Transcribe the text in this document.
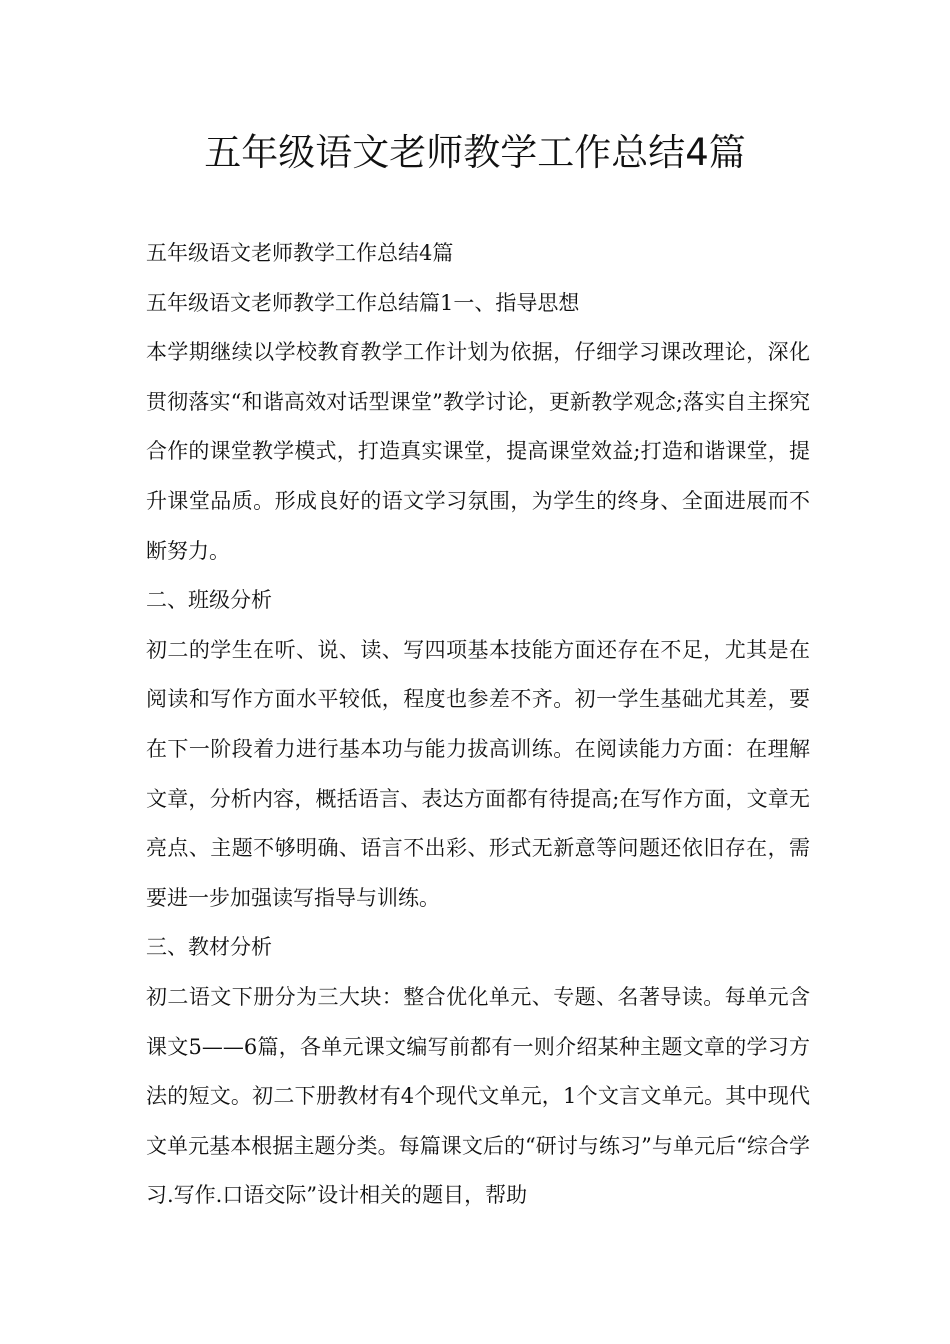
五年级语文老师教学工作总结4篇

五年级语文老师教学工作总结4篇

五年级语文老师教学工作总结篇1一、指导思想

本学期继续以学校教育教学工作计划为依据，仔细学习课改理论，深化贯彻落实“和谐高效对话型课堂”教学讨论，更新教学观念;落实自主探究合作的课堂教学模式，打造真实课堂，提高课堂效益;打造和谐课堂，提升课堂品质。形成良好的语文学习氛围，为学生的终身、全面进展而不断努力。

二、班级分析

初二的学生在听、说、读、写四项基本技能方面还存在不足，尤其是在阅读和写作方面水平较低，程度也参差不齐。初一学生基础尤其差，要在下一阶段着力进行基本功与能力拔高训练。在阅读能力方面：在理解文章，分析内容，概括语言、表达方面都有待提高;在写作方面，文章无亮点、主题不够明确、语言不出彩、形式无新意等问题还依旧存在，需要进一步加强读写指导与训练。

三、教材分析

初二语文下册分为三大块：整合优化单元、专题、名著导读。每单元含课文5——6篇，各单元课文编写前都有一则介绍某种主题文章的学习方法的短文。初二下册教材有4个现代文单元，1个文言文单元。其中现代文单元基本根据主题分类。每篇课文后的“研讨与练习”与单元后“综合学习.写作.口语交际”设计相关的题目，帮助
